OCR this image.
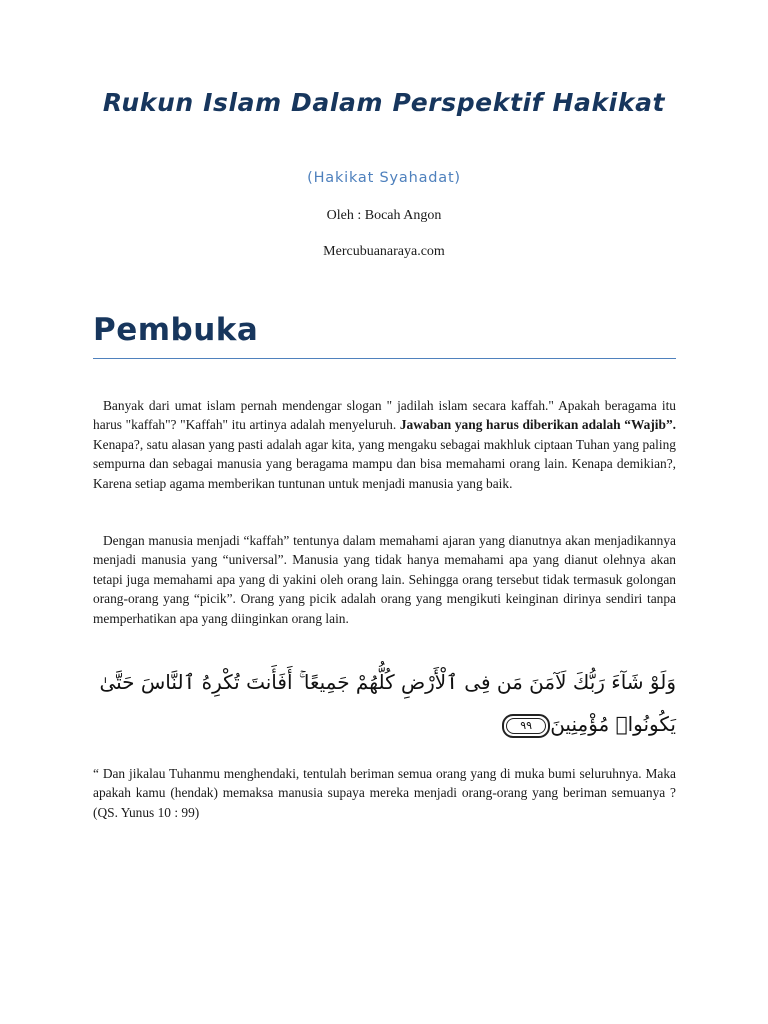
Rukun Islam Dalam Perspektif Hakikat

(Hakikat Syahadat)

Oleh : Bocah Angon

Mercubuanaraya.com

Pembuka

Banyak dari umat islam pernah mendengar slogan " jadilah islam secara kaffah." Apakah beragama itu harus "kaffah"? "Kaffah" itu artinya adalah menyeluruh. Jawaban yang harus diberikan adalah “Wajib”. Kenapa?, satu alasan yang pasti adalah agar kita, yang mengaku sebagai makhluk ciptaan Tuhan yang paling sempurna dan sebagai manusia yang beragama mampu dan bisa memahami orang lain. Kenapa demikian?, Karena setiap agama memberikan tuntunan untuk menjadi manusia yang baik.

Dengan manusia menjadi “kaffah” tentunya dalam memahami ajaran yang dianutnya akan menjadikannya menjadi manusia yang “universal”. Manusia yang tidak hanya memahami apa yang dianut olehnya akan tetapi juga memahami apa yang di yakini oleh orang lain. Sehingga orang tersebut tidak termasuk golongan orang-orang yang “picik”. Orang yang picik adalah orang yang mengikuti keinginan dirinya sendiri tanpa memperhatikan apa yang diinginkan orang lain.

وَلَوْ شَآءَ رَبُّكَ لَآمَنَ مَن فِى ٱلْأَرْضِ كُلُّهُمْ جَمِيعًا ۚ أَفَأَنتَ تُكْرِهُ ٱلنَّاسَ حَتَّىٰ

يَكُونُوا۟ مُؤْمِنِينَ٩٩

“ Dan jikalau Tuhanmu menghendaki, tentulah beriman semua orang yang di muka bumi seluruhnya. Maka apakah kamu (hendak) memaksa manusia supaya mereka menjadi orang-orang yang beriman semuanya ? (QS. Yunus 10 : 99)
